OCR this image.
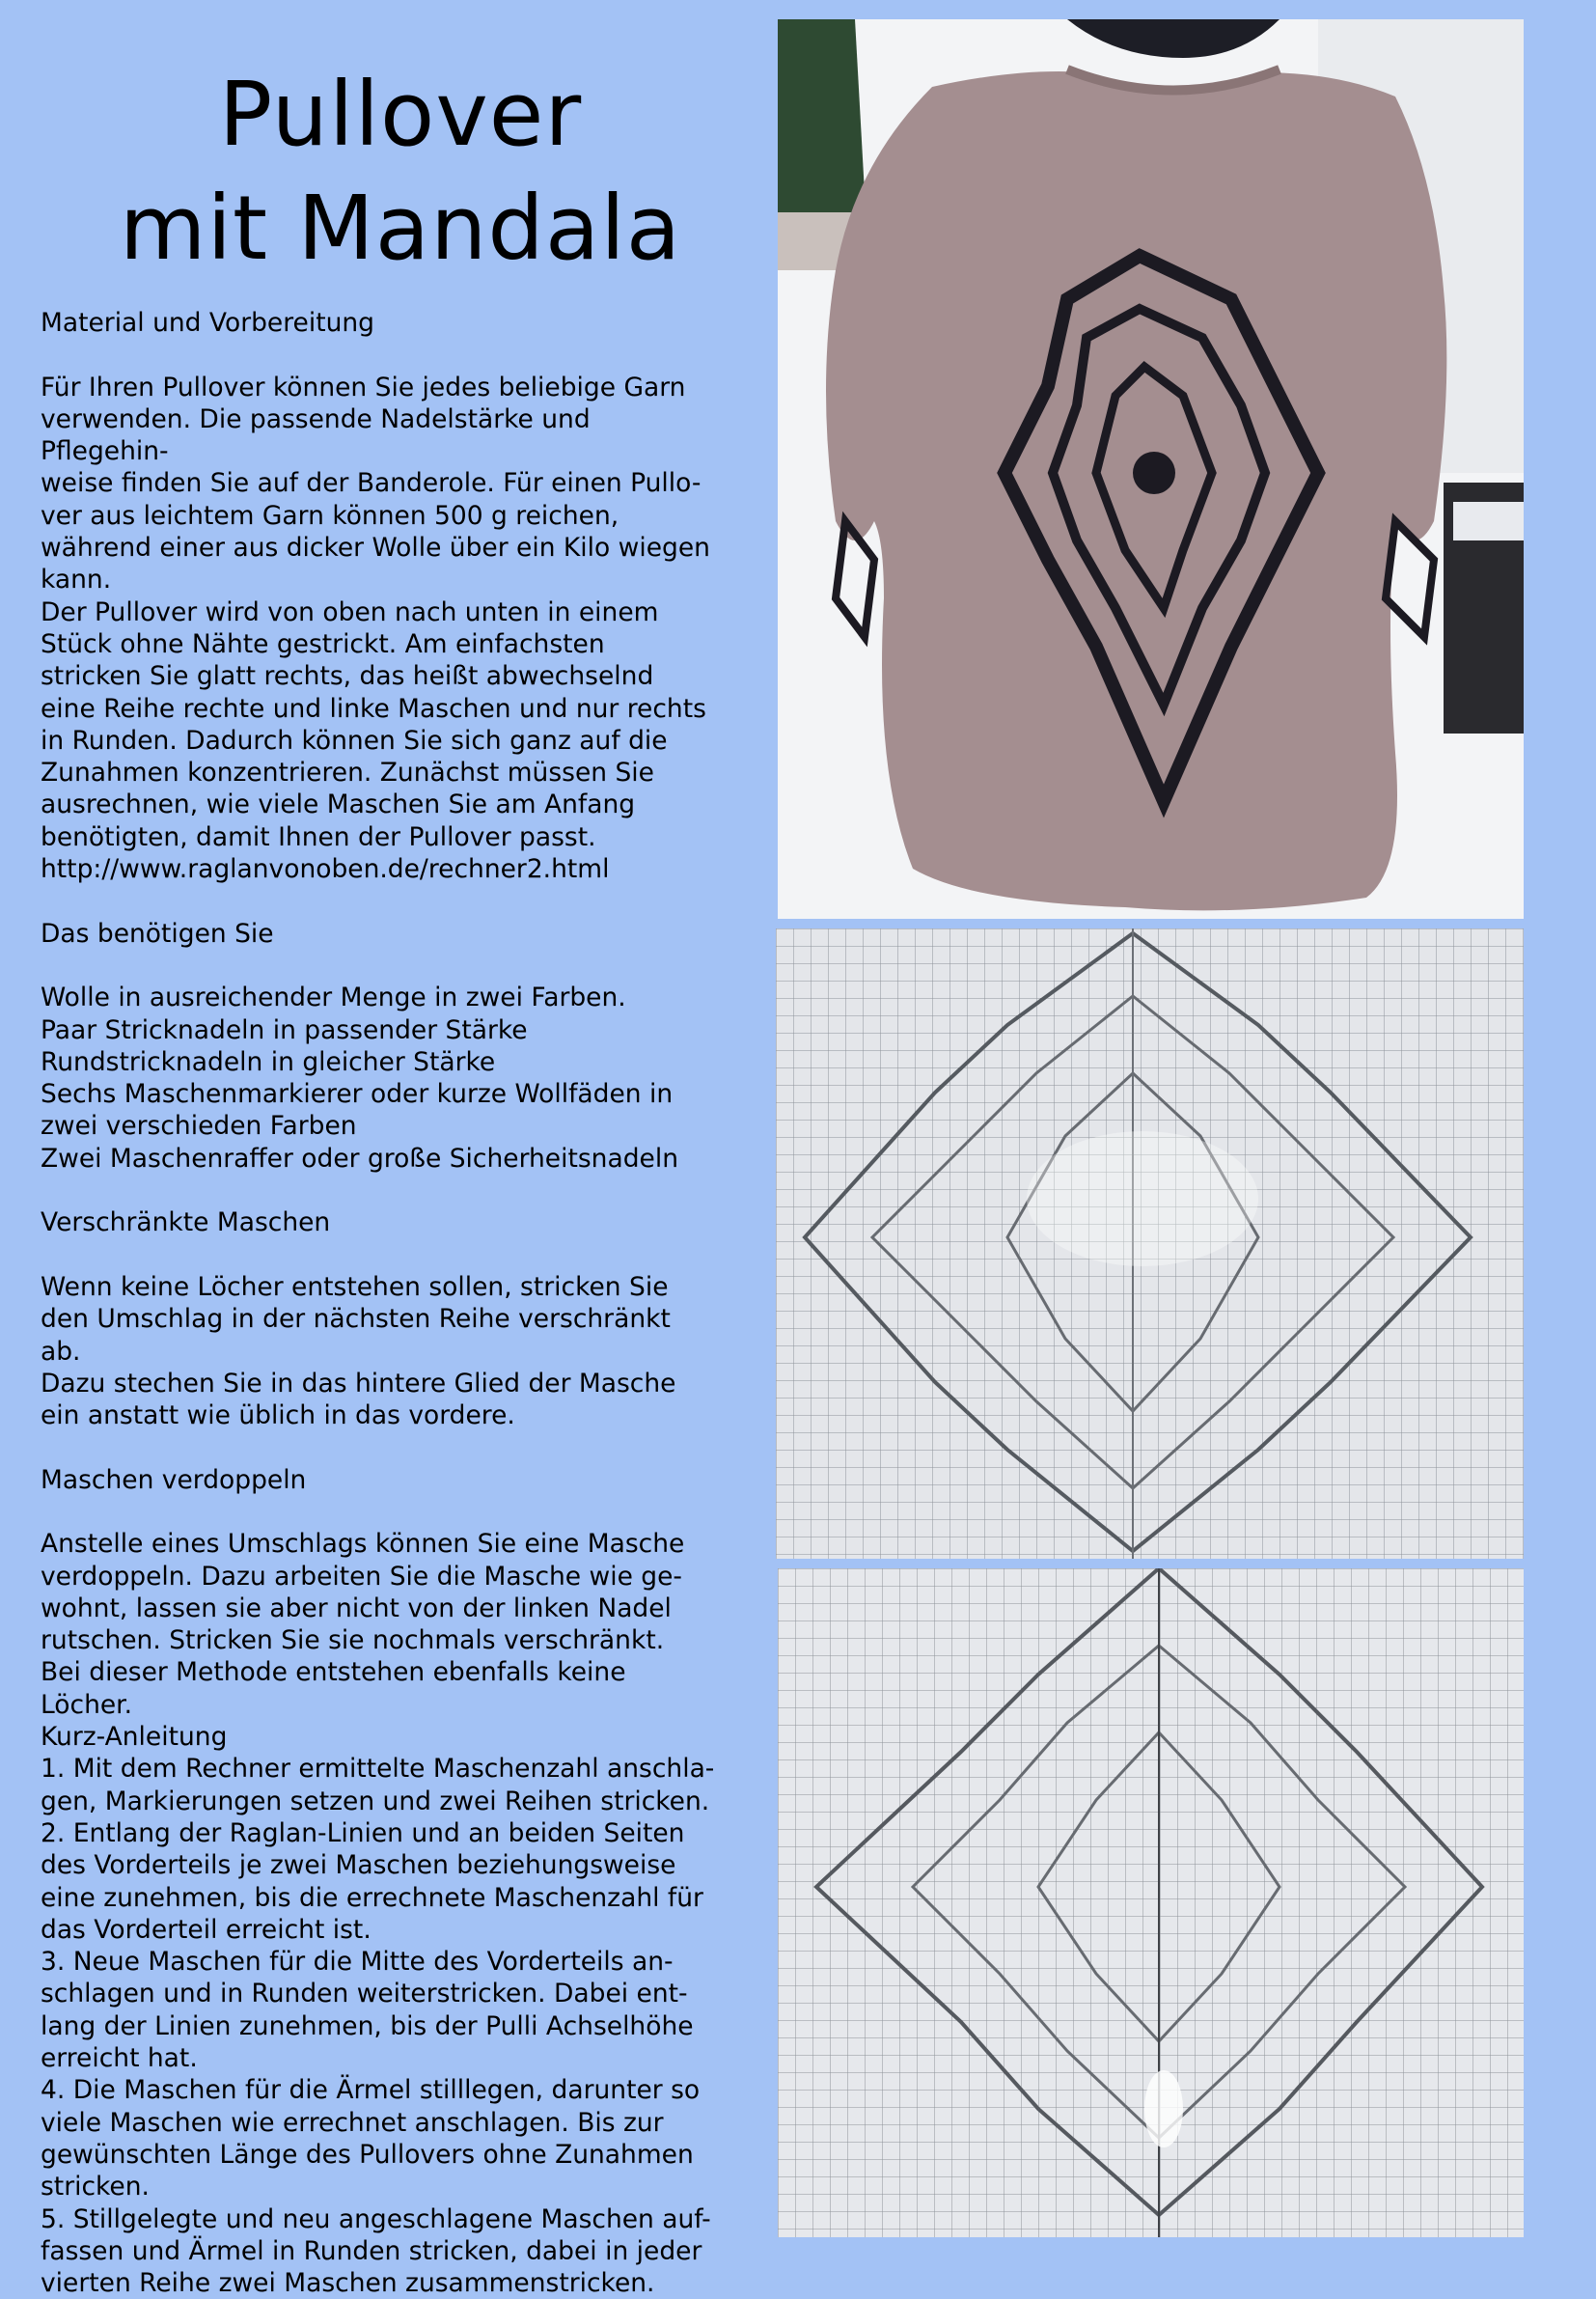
Pullover
mit Mandala

Material und Vorbereitung

Für Ihren Pullover können Sie jedes beliebige Garn
verwenden. Die passende Nadelstärke und Pflegehin-
weise finden Sie auf der Banderole. Für einen Pullo-
ver aus leichtem Garn können 500 g reichen,
während einer aus dicker Wolle über ein Kilo wiegen
kann.
Der Pullover wird von oben nach unten in einem
Stück ohne Nähte gestrickt. Am einfachsten
stricken Sie glatt rechts, das heißt abwechselnd
eine Reihe rechte und linke Maschen und nur rechts
in Runden. Dadurch können Sie sich ganz auf die
Zunahmen konzentrieren. Zunächst müssen Sie
ausrechnen, wie viele Maschen Sie am Anfang
benötigten, damit Ihnen der Pullover passt.
http://www.raglanvonoben.de/rechner2.html

Das benötigen Sie

Wolle in ausreichender Menge in zwei Farben.
Paar Stricknadeln in passender Stärke
Rundstricknadeln in gleicher Stärke
Sechs Maschenmarkierer oder kurze Wollfäden in
zwei verschieden Farben
Zwei Maschenraffer oder große Sicherheitsnadeln

Verschränkte Maschen

Wenn keine Löcher entstehen sollen, stricken Sie
den Umschlag in der nächsten Reihe verschränkt ab.
Dazu stechen Sie in das hintere Glied der Masche
ein anstatt wie üblich in das vordere.

Maschen verdoppeln

Anstelle eines Umschlags können Sie eine Masche
verdoppeln. Dazu arbeiten Sie die Masche wie ge-
wohnt, lassen sie aber nicht von der linken Nadel
rutschen. Stricken Sie sie nochmals verschränkt.
Bei dieser Methode entstehen ebenfalls keine
Löcher.
Kurz-Anleitung
1. Mit dem Rechner ermittelte Maschenzahl anschla-
gen, Markierungen setzen und zwei Reihen stricken.
2. Entlang der Raglan-Linien und an beiden Seiten
des Vorderteils je zwei Maschen beziehungsweise
eine zunehmen, bis die errechnete Maschenzahl für
das Vorderteil erreicht ist.
3. Neue Maschen für die Mitte des Vorderteils an-
schlagen und in Runden weiterstricken. Dabei ent-
lang der Linien zunehmen, bis der Pulli Achselhöhe
erreicht hat.
4. Die Maschen für die Ärmel stilllegen, darunter so
viele Maschen wie errechnet anschlagen. Bis zur
gewünschten Länge des Pullovers ohne Zunahmen
stricken.
5. Stillgelegte und neu angeschlagene Maschen auf-
fassen und Ärmel in Runden stricken, dabei in jeder
vierten Reihe zwei Maschen zusammenstricken.
